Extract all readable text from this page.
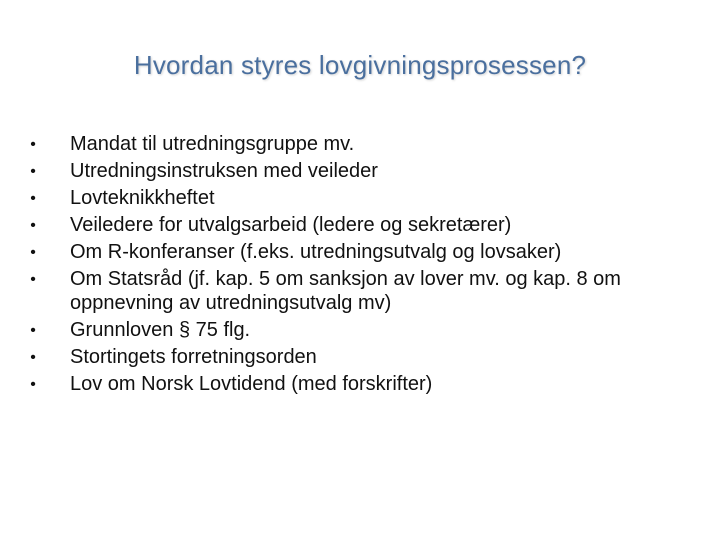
Hvordan styres lovgivningsprosessen?
• Mandat til utredningsgruppe mv.
• Utredningsinstruksen med veileder
• Lovteknikkheftet
• Veiledere for utvalgsarbeid (ledere og sekretærer)
• Om R-konferanser (f.eks. utredningsutvalg og lovsaker)
• Om Statsråd (jf. kap. 5 om sanksjon av lover mv. og kap. 8 om oppnevning av utredningsutvalg mv)
• Grunnloven § 75 flg.
• Stortingets forretningsorden
• Lov om Norsk Lovtidend (med forskrifter)
